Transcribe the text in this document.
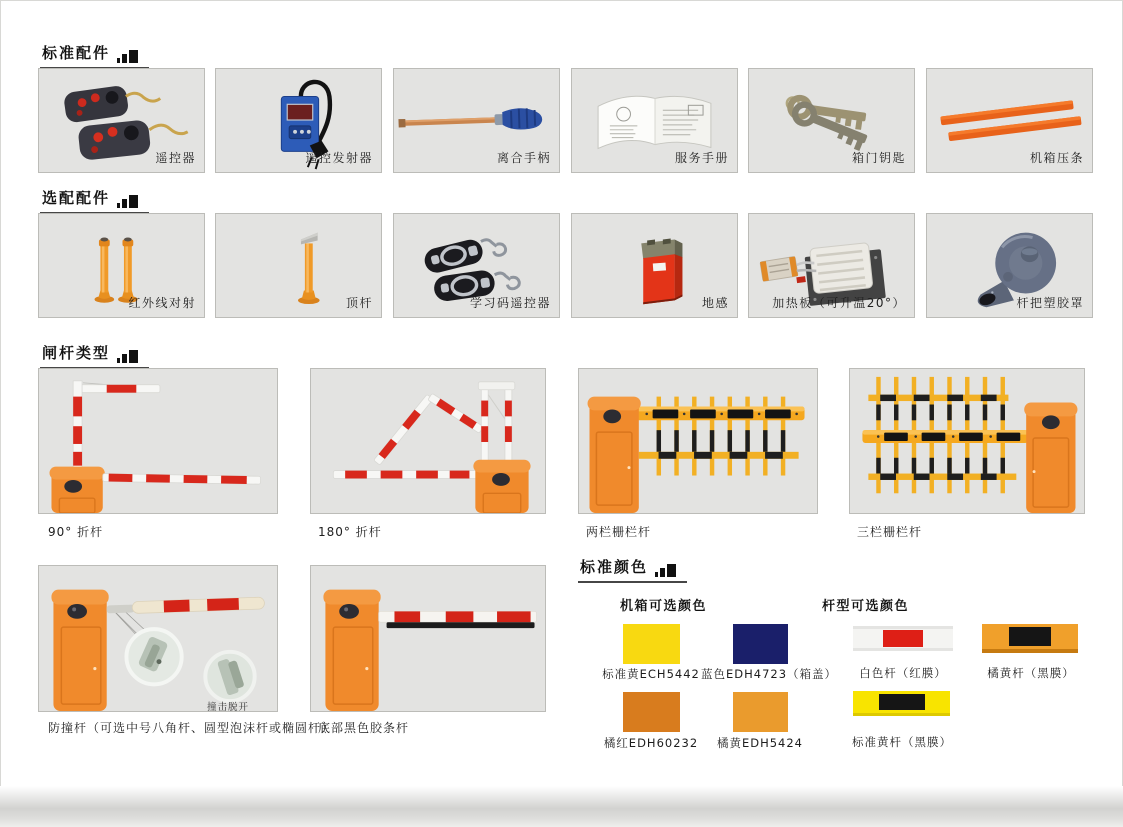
标准配件
遥控器	遥控发射器	离合手柄	服务手册	箱门钥匙	机箱压条
选配配件
红外线对射	顶杆	学习码遥控器	地感	加热板（可升温20°）	杆把塑胶罩
闸杆类型
90° 折杆	180° 折杆	两栏栅栏杆	三栏栅栏杆
撞击脱开
防撞杆（可选中号八角杆、圆型泡沫杆或椭圆杆）
底部黑色胶条杆
标准颜色
机箱可选颜色	杆型可选颜色
标准黄ECH5442 蓝色EDH4723（箱盖）
橘红EDH60232	橘黄EDH5424
白色杆（红膜）	橘黄杆（黑膜）
标准黄杆（黑膜）
